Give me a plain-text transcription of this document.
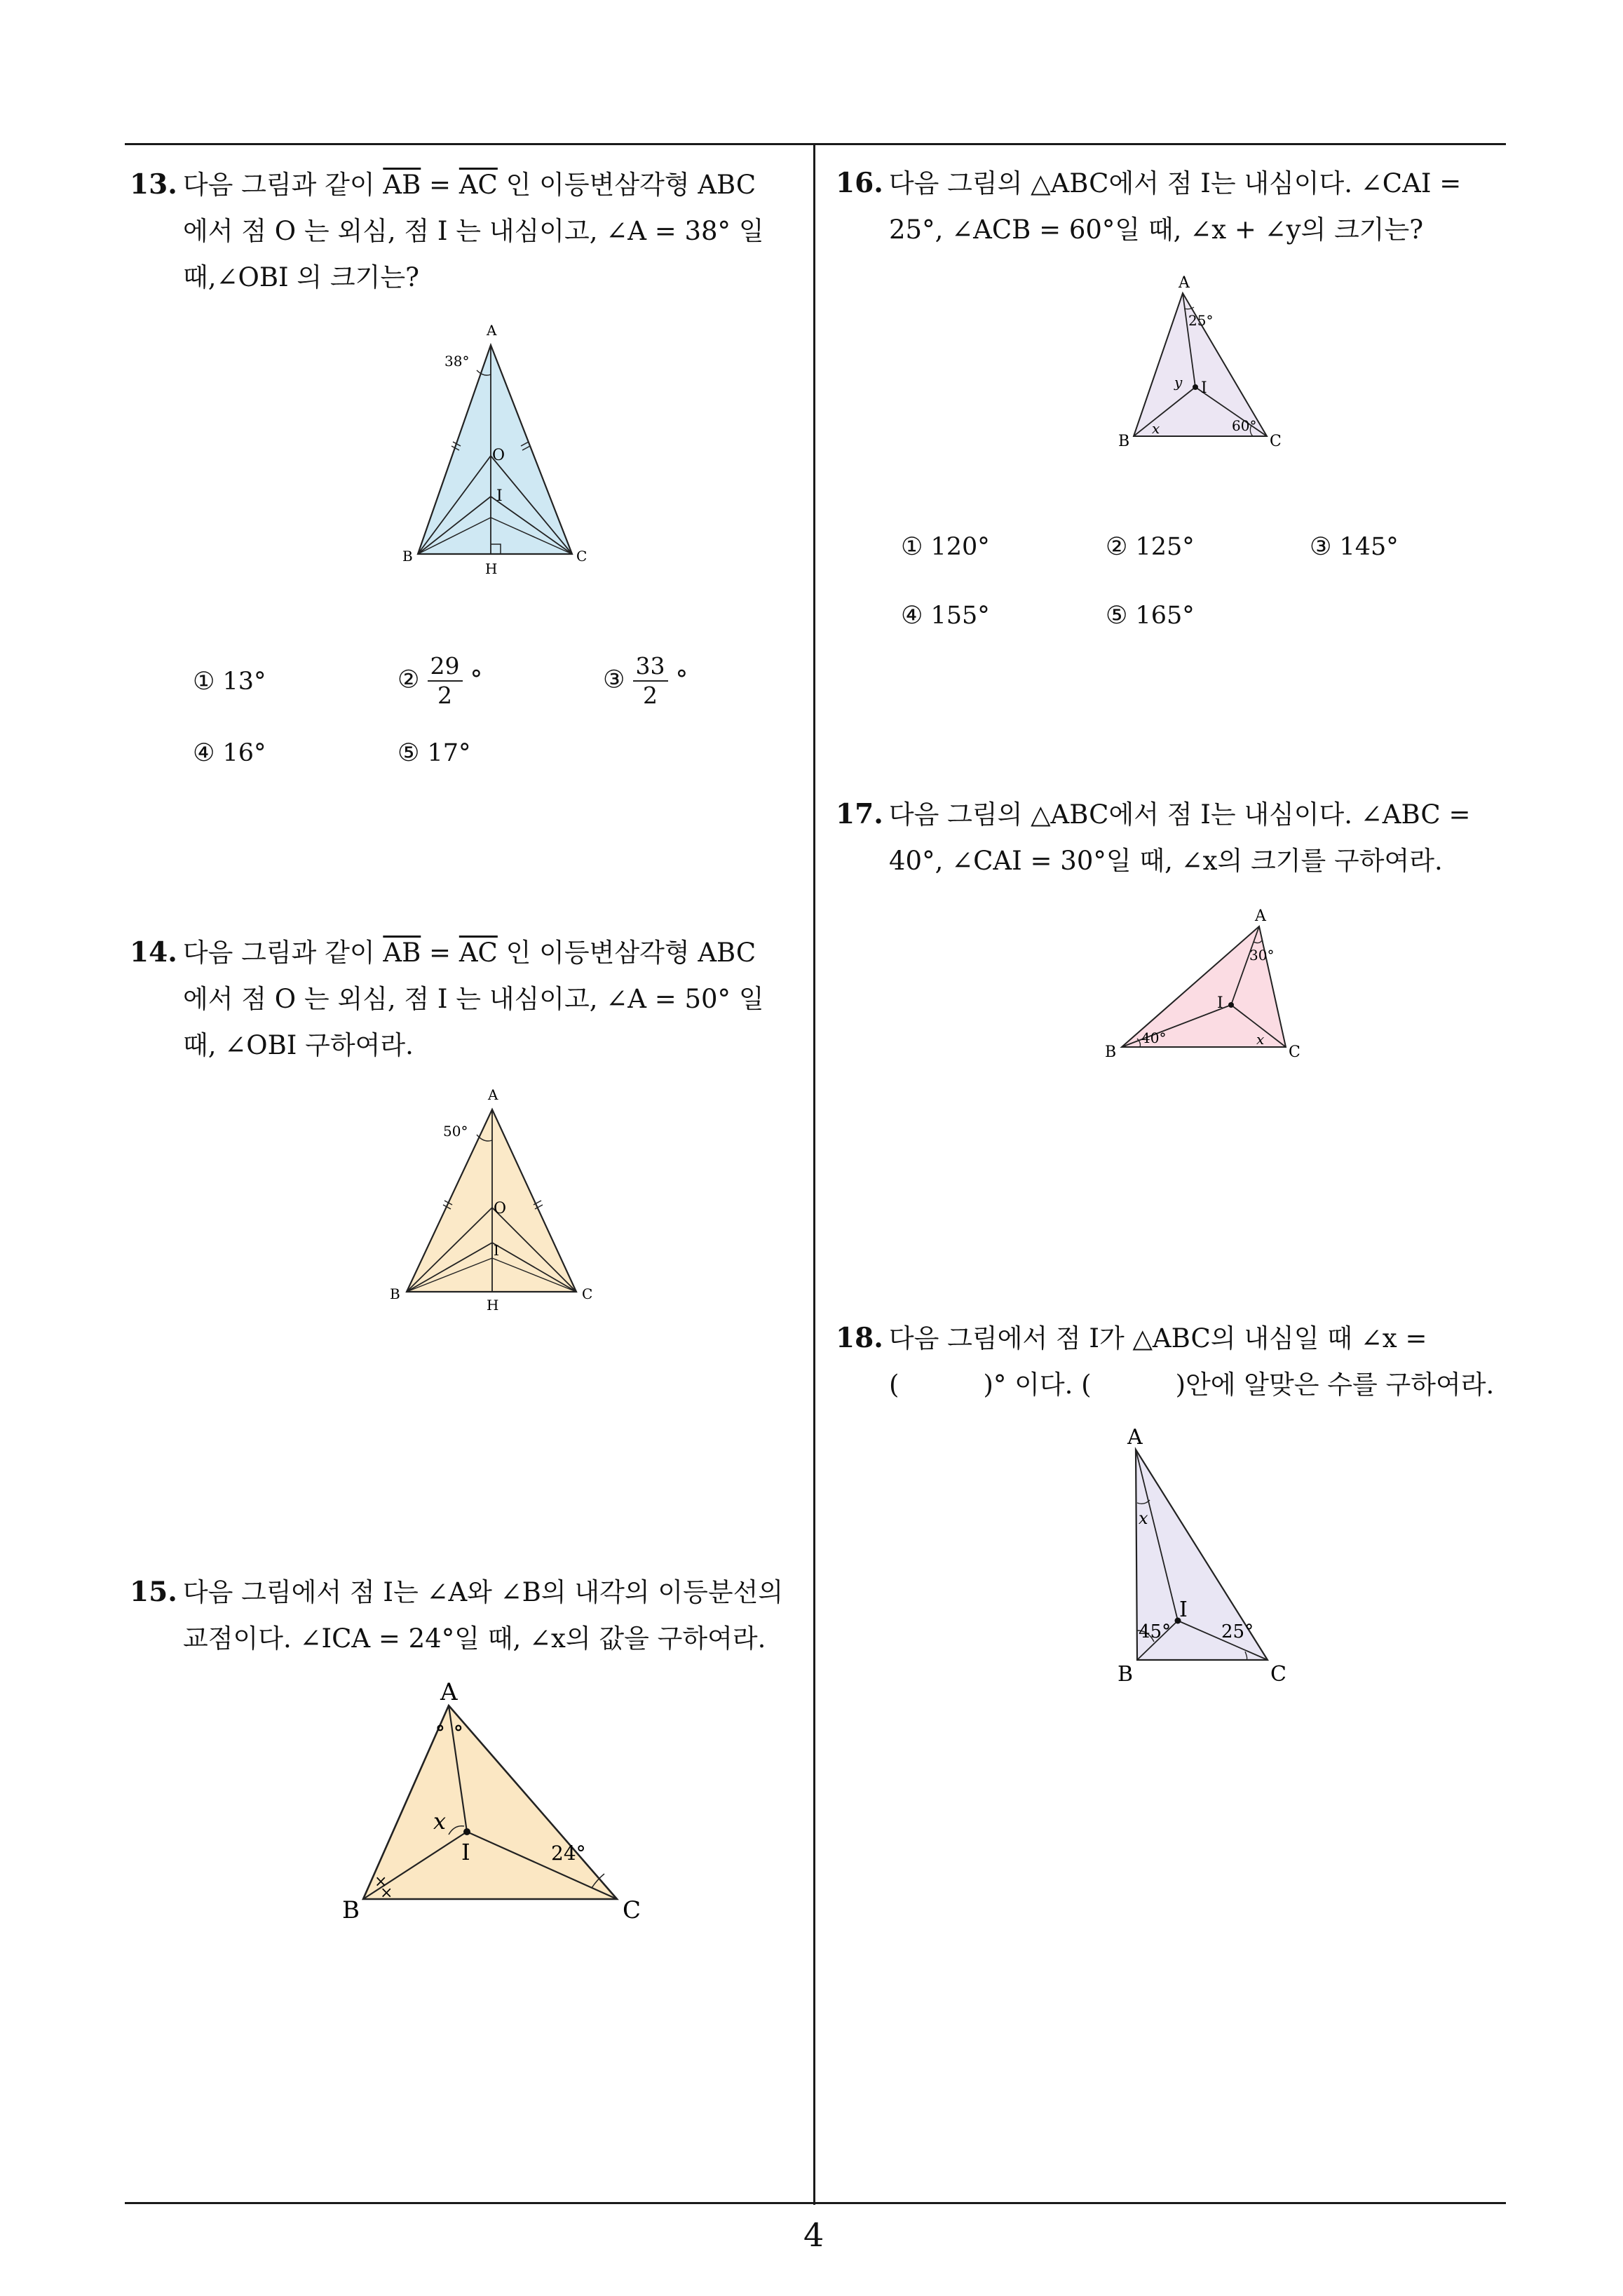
4
13. 다음 그림과 같이 $\overline{AB} = \overline{AC}$ 인 이등변삼각형 ABC
에서 점 O 는 외심, 점 I 는 내심이고, ∠A = 38° 일
때,∠OBI 의 크기는?
A
38°
O
I
B	C
H
① 13°	② $\frac{29}{2}$ °	③ $\frac{33}{2}$ °
④ 16°	⑤ 17°
14. 다음 그림과 같이 $\overline{AB} = \overline{AC}$ 인 이등변삼각형 ABC
에서 점 O 는 외심, 점 I 는 내심이고, ∠A = 50° 일
때, ∠OBI 구하여라.
A
50°
O
I
B	C
H
15. 다음 그림에서 점 I는 ∠A와 ∠B의 내각의 이등분선의
교점이다. ∠ICA = 24°일 때, ∠x의 값을 구하여라.
A
∘ ∘
x
I	24°
×
×
B	C
16. 다음 그림의 △ABC에서 점 I는 내심이다. ∠CAI =
25°, ∠ACB = 60°일 때, ∠x + ∠y의 크기는?
A
25°
y I
x	60°
B	C
① 120°	② 125°	③ 145°
④ 155°	⑤ 165°
17. 다음 그림의 △ABC에서 점 I는 내심이다. ∠ABC =
40°, ∠CAI = 30°일 때, ∠x의 크기를 구하여라.
A
30°
I
40°	x
B	C
18. 다음 그림에서 점 I가 △ABC의 내심일 때 ∠x =
(	)° 이다. (	)안에 알맞은 수를 구하여라.
A
x
I
45°	25°
B	C
